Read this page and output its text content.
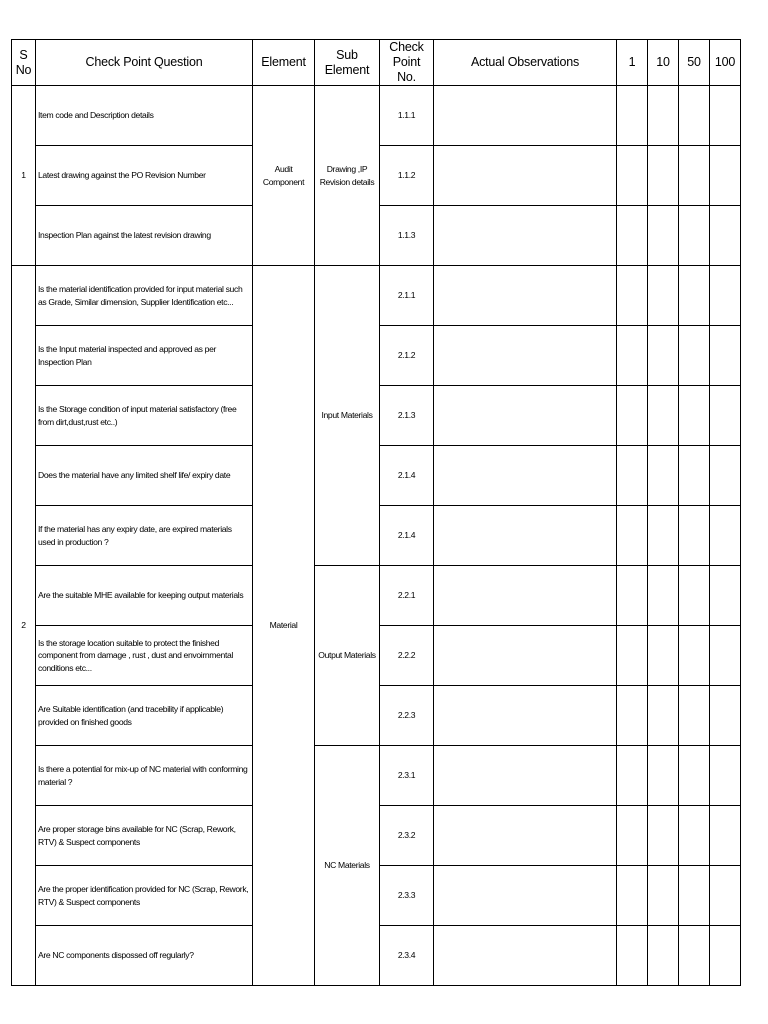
S No	Check Point Question	Element	Sub Element	Check Point No.	Actual Observations	1	10	50	100
1	Item code and Description details	Audit Component	Drawing ,IP Revision details	1.1.1					
	Latest drawing against the PO Revision Number			1.1.2					
	Inspection Plan against the latest revision drawing			1.1.3					
2	Is the material identification provided for input material such as Grade, Similar dimension, Supplier Identification etc...	Material	Input Materials	2.1.1					
	Is the Input material inspected and approved as per Inspection Plan			2.1.2					
	Is the Storage condition of input material satisfactory (free from dirt,dust,rust etc..)			2.1.3					
	Does the material have any limited shelf life/ expiry date			2.1.4					
	If the material has any expiry date, are expired materials used in production ?			2.1.4					
	Are the suitable MHE available for keeping output materials		Output Materials	2.2.1					
	Is the storage location suitable to protect the finished component from damage , rust , dust and envoirnmental conditions etc...			2.2.2					
	Are Suitable identification (and tracebility if applicable) provided on finished goods			2.2.3					
	Is there a potential for mix-up of NC material with conforming material ?		NC Materials	2.3.1					
	Are proper storage bins available for NC (Scrap, Rework, RTV) & Suspect components			2.3.2					
	Are the proper identification provided for NC (Scrap, Rework, RTV) & Suspect components			2.3.3					
	Are NC components dispossed off regularly?			2.3.4					
